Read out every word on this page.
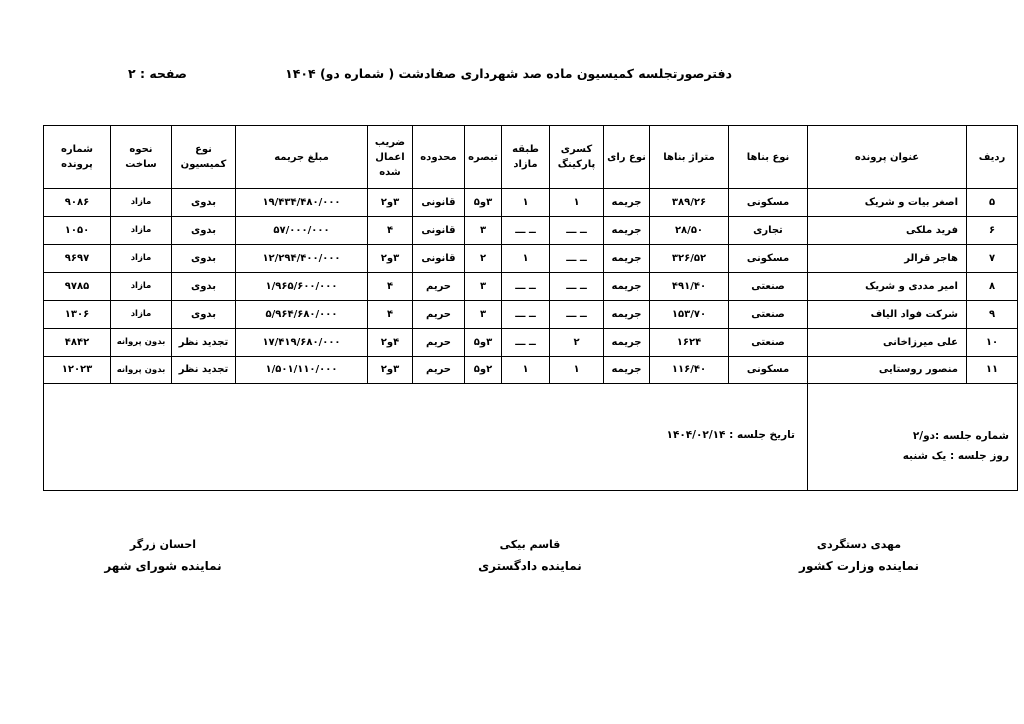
دفترصورتجلسه کمیسیون ماده صد شهرداری صفادشت ( شماره دو) ۱۴۰۴
صفحه : ۲
ردیف	عنوان پرونده	نوع بناها	متراژ بناها	نوع رای	کسری پارکینگ	طبقه مازاد	تبصره	محدوده	ضریب اعمال شده	مبلغ جریمه	نوع کمیسیون	نحوه ساخت	شماره پرونده
۵	اصغر بیات و شریک	مسکونی	۳۸۹/۲۶	جریمه	۱	۱	۳و۵	قانونی	۳و۲	۱۹/۴۳۴/۴۸۰/۰۰۰	بدوی	مازاد	۹۰۸۶
۶	فرید ملکی	تجاری	۲۸/۵۰	جریمه	ــ ـــ	ــ ـــ	۳	قانونی	۴	۵۷/۰۰۰/۰۰۰	بدوی	مازاد	۱۰۵۰
۷	هاجر قرالر	مسکونی	۳۲۶/۵۲	جریمه	ــ ـــ	۱	۲	قانونی	۳و۲	۱۲/۲۹۴/۴۰۰/۰۰۰	بدوی	مازاد	۹۶۹۷
۸	امیر مددی و شریک	صنعتی	۴۹۱/۴۰	جریمه	ــ ـــ	ــ ـــ	۳	حریم	۴	۱/۹۶۵/۶۰۰/۰۰۰	بدوی	مازاد	۹۷۸۵
۹	شرکت فواد الیاف	صنعتی	۱۵۳/۷۰	جریمه	ــ ـــ	ــ ـــ	۳	حریم	۴	۵/۹۶۴/۶۸۰/۰۰۰	بدوی	مازاد	۱۳۰۶
۱۰	علی میرزاخانی	صنعتی	۱۶۲۴	جریمه	۲	ــ ـــ	۳و۵	حریم	۴و۲	۱۷/۴۱۹/۶۸۰/۰۰۰	تجدید نظر	بدون پروانه	۴۸۴۲
۱۱	منصور روستایی	مسکونی	۱۱۶/۴۰	جریمه	۱	۱	۲و۵	حریم	۳و۲	۱/۵۰۱/۱۱۰/۰۰۰	تجدید نظر	بدون پروانه	۱۲۰۲۳

شماره جلسه :دو/۲
روز جلسه : یک شنبه		تاریخ جلسه : ۱۴۰۴/۰۲/۱۴											
مهدی دستگردی
نماینده وزارت کشور
قاسم بیکی
نماینده دادگستری
احسان زرگر
نماینده شورای شهر
